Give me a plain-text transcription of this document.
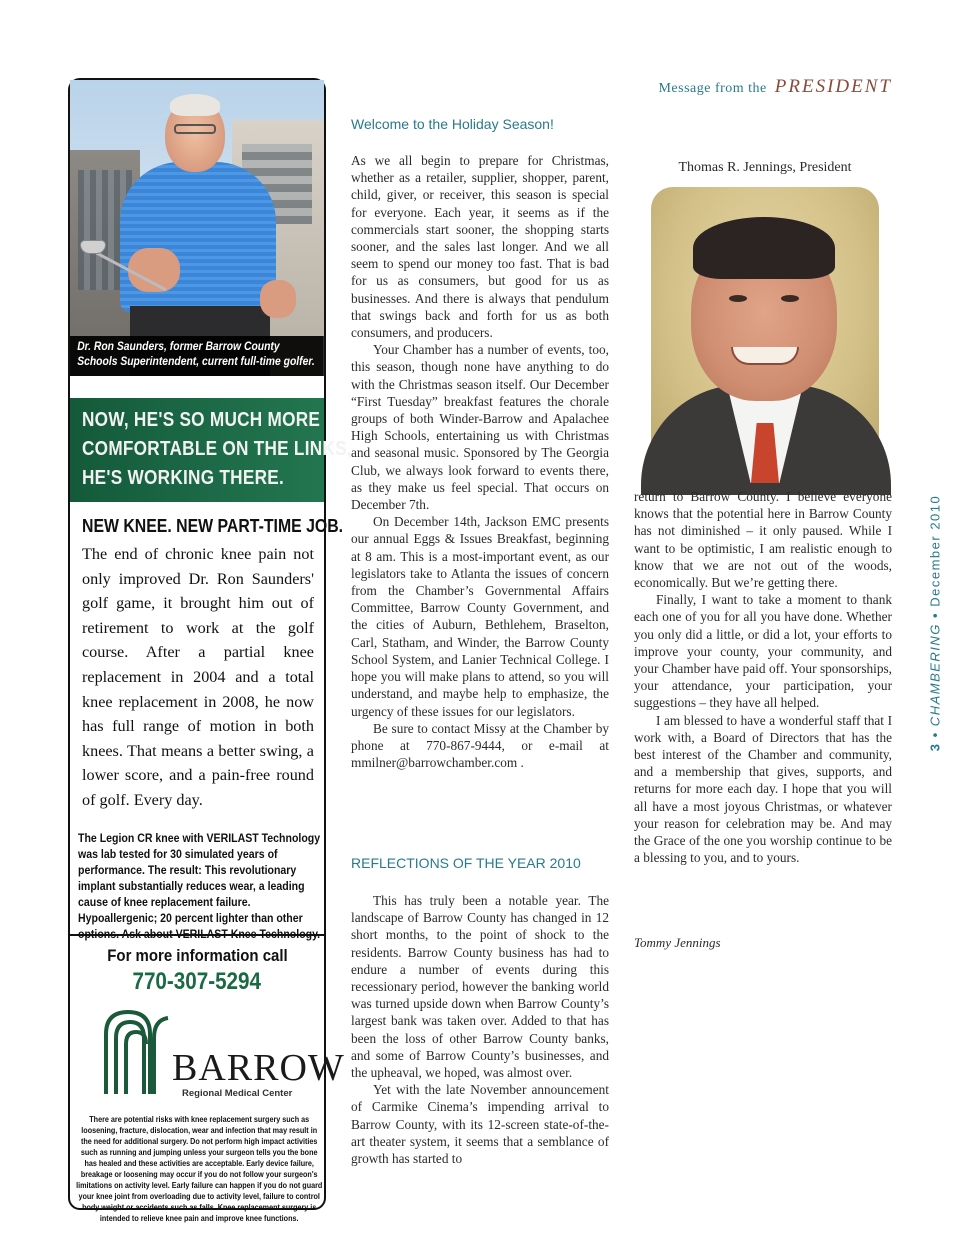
Message from the PRESIDENT
3 • CHAMBERING • December 2010
Dr. Ron Saunders, former Barrow County Schools Superintendent, current full-time golfer.
NOW, HE'S SO MUCH MORE
COMFORTABLE ON THE LINKS,
HE'S WORKING THERE.
NEW KNEE. NEW PART-TIME JOB.
The end of chronic knee pain not only improved Dr. Ron Saunders' golf game, it brought him out of retirement to work at the golf course. After a partial knee replacement in 2004 and a total knee replacement in 2008, he now has full range of motion in both knees. That means a better swing, a lower score, and a pain-free round of golf. Every day.
The Legion CR knee with VERILAST Technology was lab tested for 30 simulated years of performance. The result: This revolutionary implant substantially reduces wear, a leading cause of knee replacement failure. Hypoallergenic; 20 percent lighter than other
For more information call
770-307-5294
BARROW
Regional Medical Center
There are potential risks with knee replacement surgery such as loosening, fracture, dislocation, wear and infection that may result in the need for additional surgery. Do not perform high impact activities such as running and jumping unless your surgeon tells you the bone has healed and these activities are acceptable. Early device failure, breakage or loosening may occur if you do not follow your surgeon's limitations on activity level. Early failure can happen if you do not guard your knee joint from overloading due to activity level, failure to control body weight or accidents such as falls. Knee replacement surgery is intended to relieve knee pain and improve knee functions.
Welcome to the Holiday Season!

As we all begin to prepare for Christmas, whether as a retailer, supplier, shopper, parent, child, giver, or receiver, this season is special for everyone. Each year, it seems as if the commercials start sooner, the shopping starts sooner, and the sales last longer. And we all seem to spend our money too fast. That is bad for us as consumers, but good for us as businesses. And there is always that pendulum that swings back and forth for us as both consumers, and producers.

Your Chamber has a number of events, too, this season, though none have anything to do with the Christmas season itself. Our December “First Tuesday” breakfast features the chorale groups of both Winder-Barrow and Apalachee High Schools, entertaining us with Christmas and seasonal music. Sponsored by The Georgia Club, we always look forward to events there, as they make us feel special. That occurs on December 7th.

On December 14th, Jackson EMC presents our annual Eggs & Issues Breakfast, beginning at 8 am. This is a most-important event, as our legislators take to Atlanta the issues of concern from the Chamber’s Governmental Affairs Committee, Barrow County Government, and the cities of Auburn, Bethlehem, Braselton, Carl, Statham, and Winder, the Barrow County School System, and Lanier Technical College. I hope you will make plans to attend, so you will understand, and maybe help to emphasize, the urgency of these issues for our legislators.

Be sure to contact Missy at the Chamber by phone at 770-867-9444, or e-mail at mmilner@barrowchamber.com .

REFLECTIONS OF THE YEAR 2010

This has truly been a notable year. The landscape of Barrow County has changed in 12 short months, to the point of shock to the residents. Barrow County business has had to endure a number of events during this recessionary period, however the banking world was turned upside down when Barrow County’s largest bank was taken over. Added to that has been the loss of other Barrow County banks, and some of Barrow County’s businesses, and the upheaval, we hoped, was almost over.

Yet with the late November announcement of Carmike Cinema’s impending arrival to Barrow County, with its 12-screen state-of-the-art theater system, it seems that a semblance of growth has started to

Thomas R. Jennings, President

return to Barrow County. I believe everyone knows that the potential here in Barrow County has not diminished – it only paused. While I want to be optimistic, I am realistic enough to know that we are not out of the woods, economically. But we’re getting there.

Finally, I want to take a moment to thank each one of you for all you have done. Whether you only did a little, or did a lot, your efforts to improve your county, your community, and your Chamber have paid off. Your sponsorships, your attendance, your participation, your suggestions – they have all helped.

I am blessed to have a wonderful staff that I work with, a Board of Directors that has the best interest of the Chamber and community, and a membership that gives, supports, and returns for more each day. I hope that you will all have a most joyous Christmas, or whatever your reason for celebration may be. And may the Grace of the one you worship continue to be a blessing to you, and to yours.

Tommy Jennings
